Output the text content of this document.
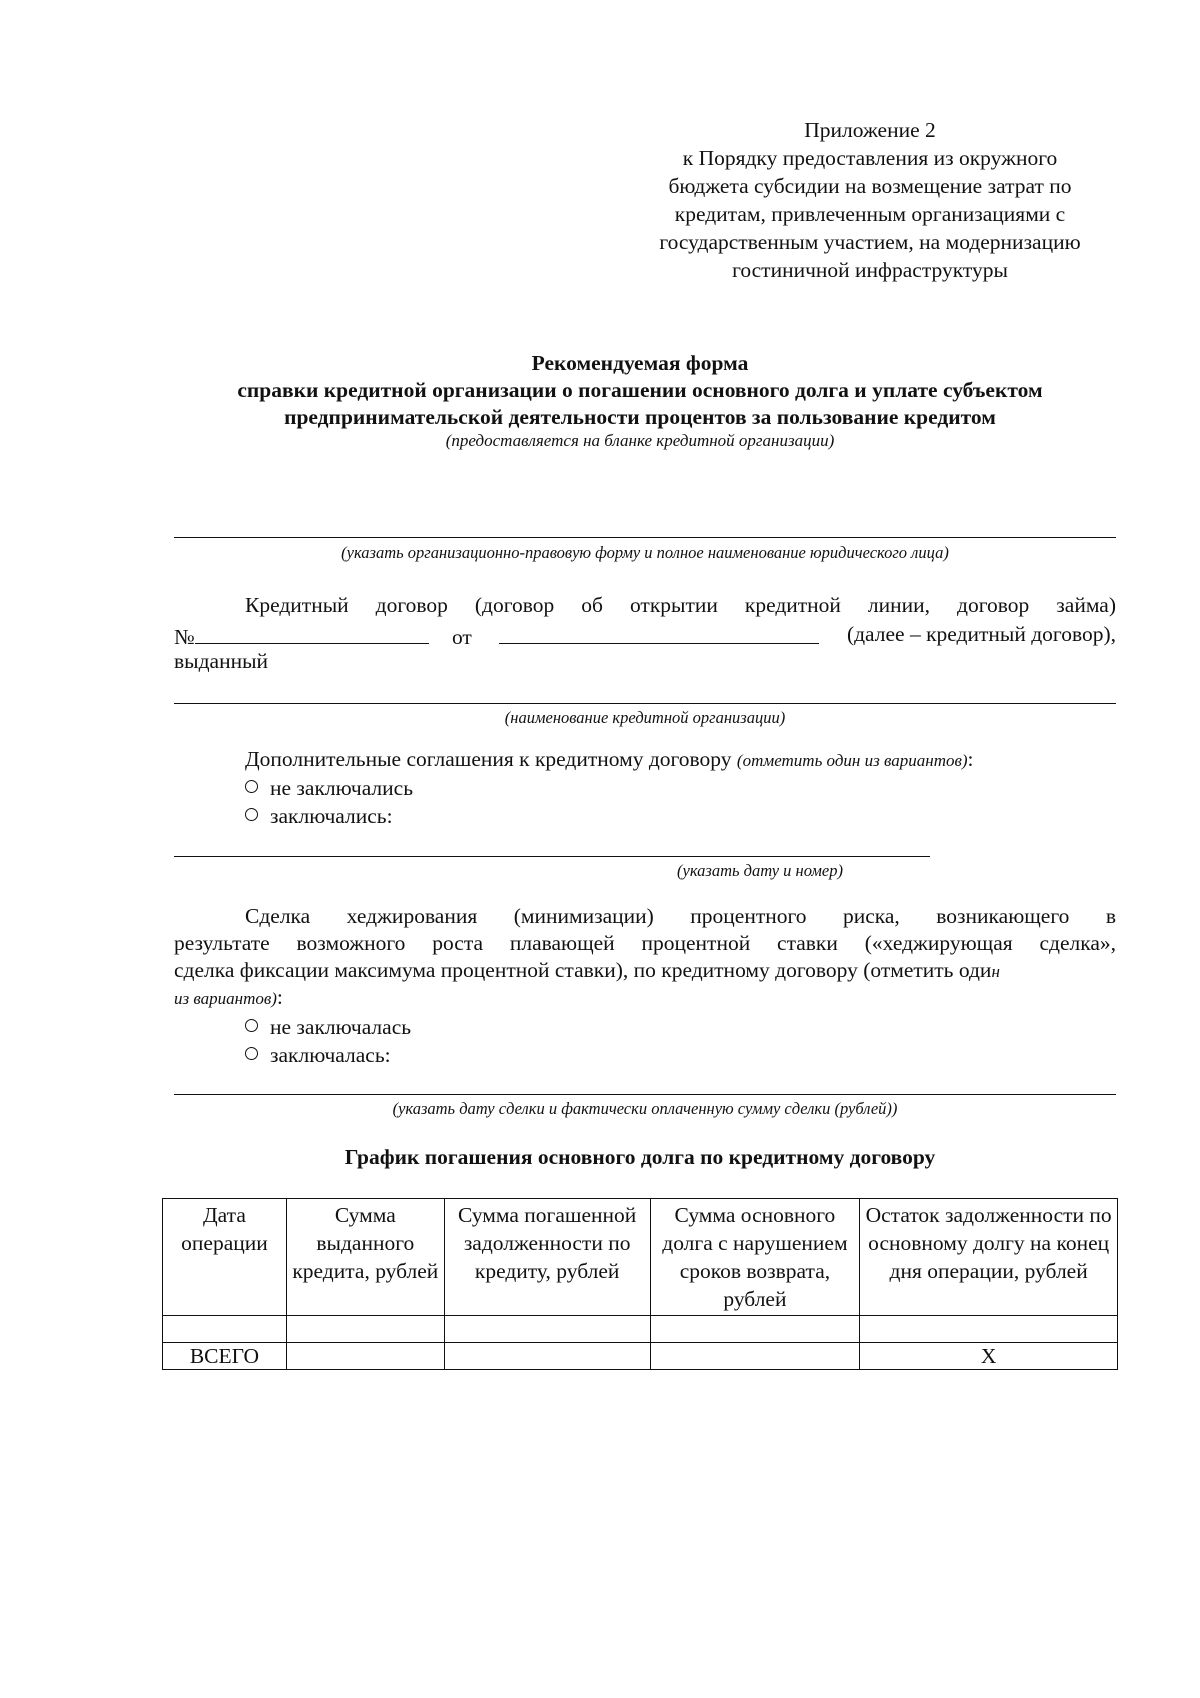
Приложение 2
к Порядку предоставления из окружного
бюджета субсидии на возмещение затрат по
кредитам, привлеченным организациями с
государственным участием, на модернизацию
гостиничной инфраструктуры
Рекомендуемая форма
справки кредитной организации о погашении основного долга и уплате субъектом
предпринимательской деятельности процентов за пользование кредитом
(предоставляется на бланке кредитной организации)
(указать организационно-правовую форму и полное наименование юридического лица)
Кредитный договор (договор об открытии кредитной линии, договор займа)
№	от	(далее – кредитный договор),
выданный
(наименование кредитной организации)
Дополнительные соглашения к кредитному договору (отметить один из вариантов):
не заключались
заключались:
(указать дату и номер)
Сделка хеджирования (минимизации) процентного риска, возникающего в
результате возможного роста плавающей процентной ставки («хеджирующая сделка»,
сделка фиксации максимума процентной ставки), по кредитному договору (отметить один
из вариантов):
не заключалась
заключалась:
(указать дату сделки и фактически оплаченную сумму сделки (рублей))
График погашения основного долга по кредитному договору
Дата операции	Сумма выданного кредита, рублей	Сумма погашенной задолженности по кредиту, рублей	Сумма основного долга с нарушением сроков возврата, рублей	Остаток задолженности по основному долгу на конец дня операции, рублей

ВСЕГО				X
